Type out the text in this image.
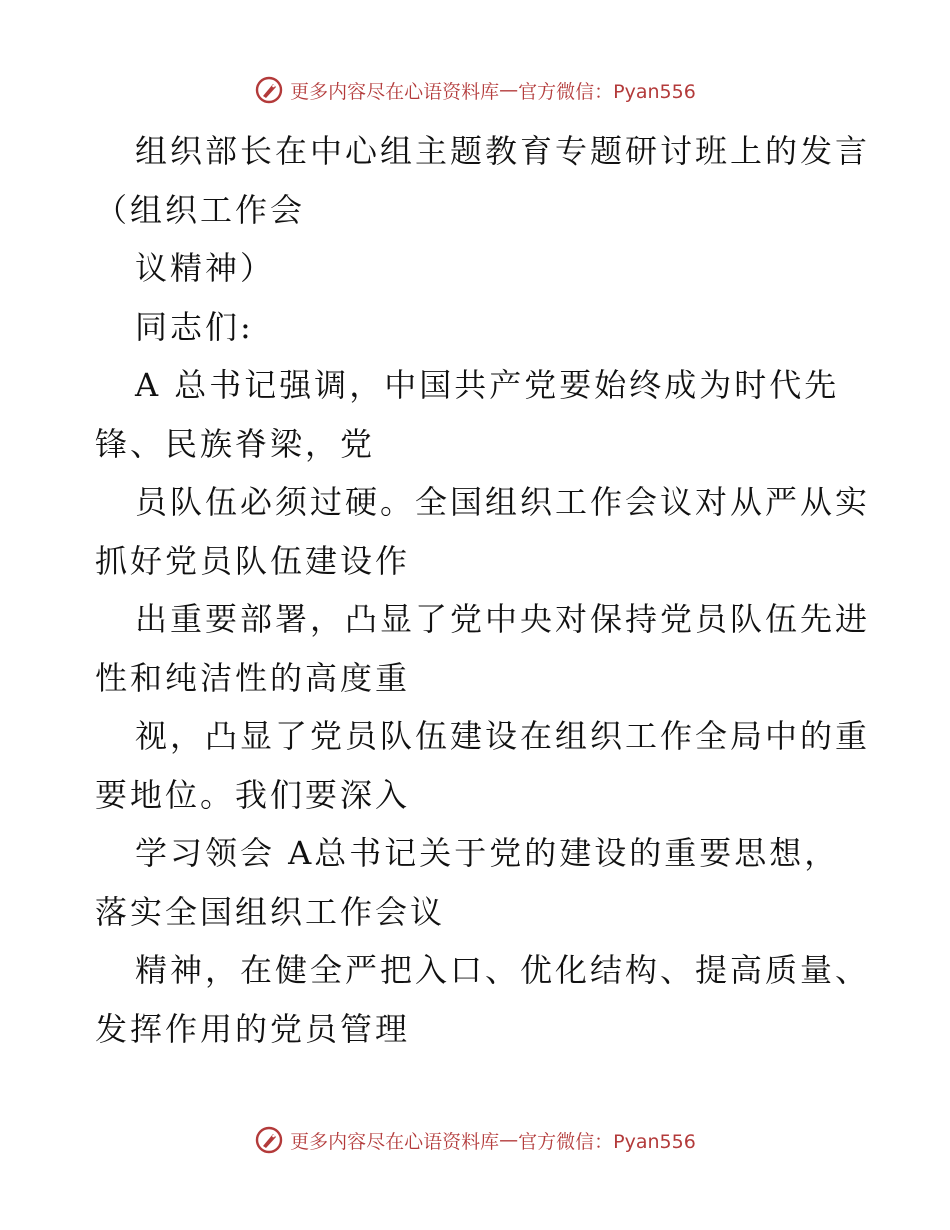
更多内容尽在心语资料库 — 官方微信：Pyan556
组织部长在中心组主题教育专题研讨班上的发言
（组织工作会
议精神）
同志们:
A 总书记强调，中国共产党要始终成为时代先
锋、民族脊梁，党
员队伍必须过硬。全国组织工作会议对从严从实
抓好党员队伍建设作
出重要部署，凸显了党中央对保持党员队伍先进
性和纯洁性的高度重
视，凸显了党员队伍建设在组织工作全局中的重
要地位。我们要深入
学习领会 A总书记关于党的建设的重要思想，
落实全国组织工作会议
精神，在健全严把入口、优化结构、提高质量、
发挥作用的党员管理
更多内容尽在心语资料库 — 官方微信：Pyan556
